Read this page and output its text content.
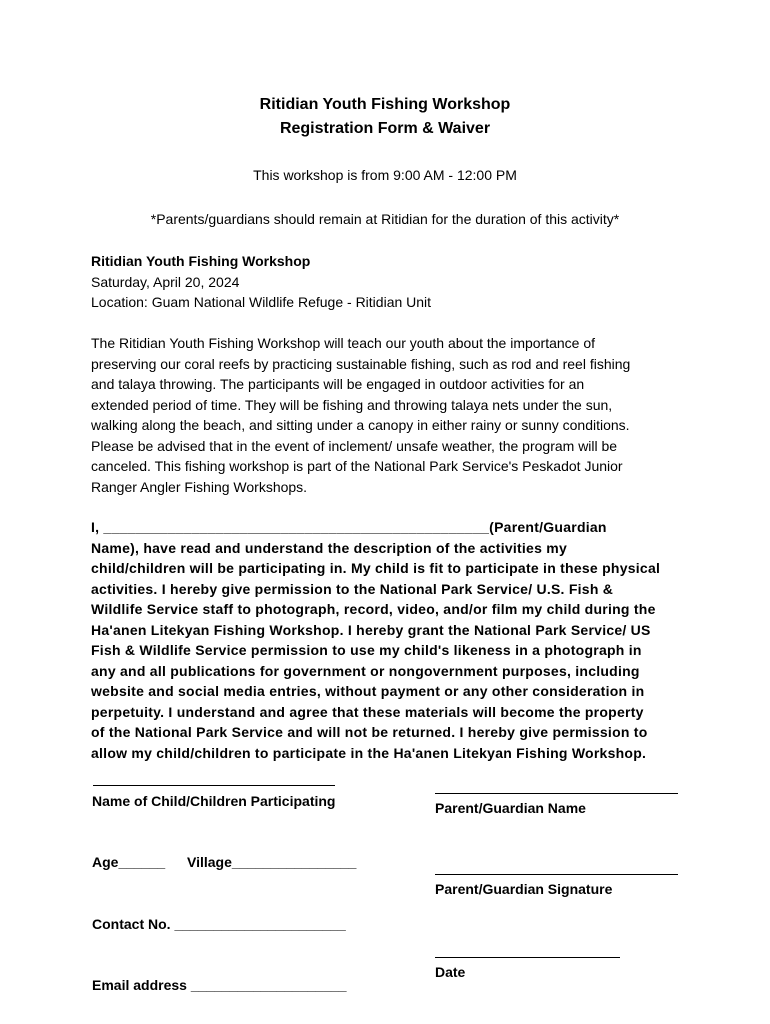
Ritidian Youth Fishing Workshop
Registration Form & Waiver
This workshop is from 9:00 AM - 12:00 PM
*Parents/guardians should remain at Ritidian for the duration of this activity*
Ritidian Youth Fishing Workshop
Saturday, April 20, 2024
Location: Guam National Wildlife Refuge - Ritidian Unit
The Ritidian Youth Fishing Workshop will teach our youth about the importance of
preserving our coral reefs by practicing sustainable fishing, such as rod and reel fishing
and talaya throwing. The participants will be engaged in outdoor activities for an
extended period of time. They will be fishing and throwing talaya nets under the sun,
walking along the beach, and sitting under a canopy in either rainy or sunny conditions.
Please be advised that in the event of inclement/ unsafe weather, the program will be
canceled. This fishing workshop is part of the National Park Service's Peskadot Junior
Ranger Angler Fishing Workshops.
I, ________________________________________________(Parent/Guardian
Name), have read and understand the description of the activities my
child/children will be participating in. My child is fit to participate in these physical
activities. I hereby give permission to the National Park Service/ U.S. Fish &
Wildlife Service staff to photograph, record, video, and/or film my child during the
Ha'anen Litekyan Fishing Workshop. I hereby grant the National Park Service/ US
Fish & Wildlife Service permission to use my child's likeness in a photograph in
any and all publications for government or nongovernment purposes, including
website and social media entries, without payment or any other consideration in
perpetuity. I understand and agree that these materials will become the property
of the National Park Service and will not be returned. I hereby give permission to
allow my child/children to participate in the Ha'anen Litekyan Fishing Workshop.
Name of Child/Children Participating
Age______ Village________________
Contact No. ______________________
Email address ____________________
Parent/Guardian Name
Parent/Guardian Signature
Date
